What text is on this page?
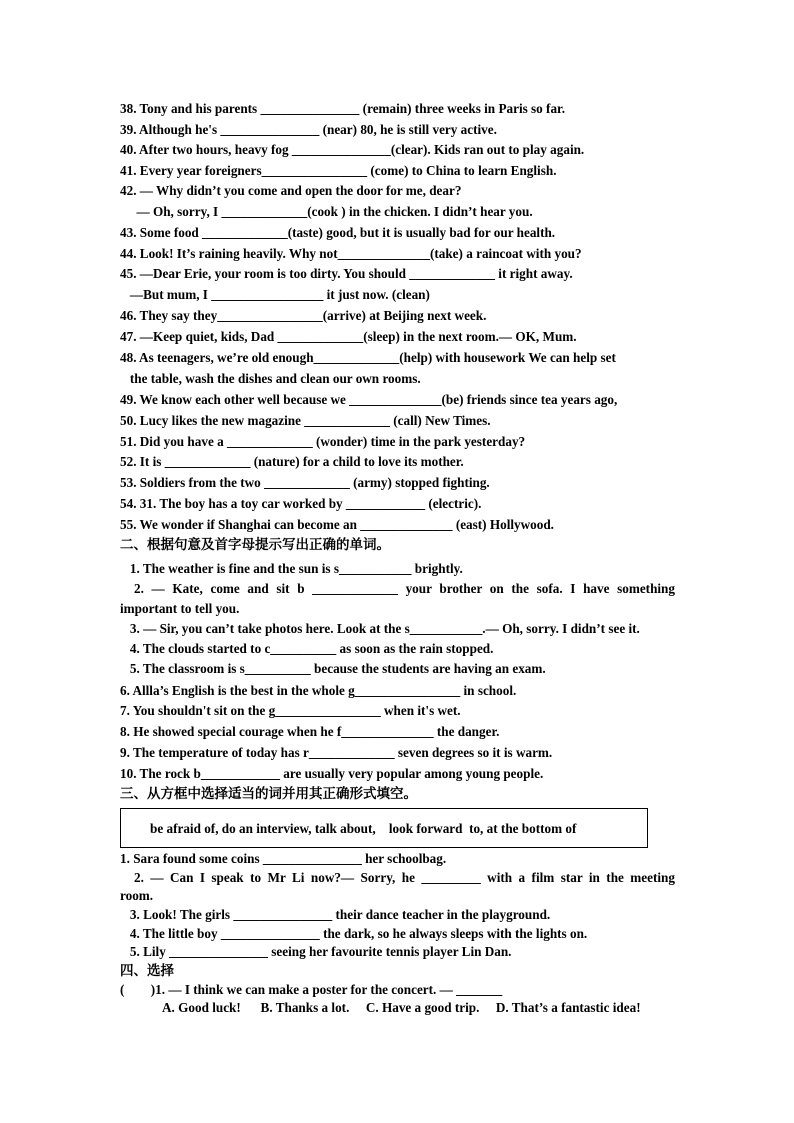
38. Tony and his parents _______________ (remain) three weeks in Paris so far.
39. Although he's _______________ (near) 80, he is still very active.
40. After two hours, heavy fog _______________(clear). Kids ran out to play again.
41. Every year foreigners________________ (come) to China to learn English.
42. — Why didn’t you come and open the door for me, dear?
— Oh, sorry, I _____________(cook ) in the chicken. I didn’t hear you.
43. Some food _____________(taste) good, but it is usually bad for our health.
44. Look! It’s raining heavily. Why not______________(take) a raincoat with you?
45. —Dear Erie, your room is too dirty. You should _____________ it right away.
—But mum, I _________________ it just now. (clean)
46. They say they________________(arrive) at Beijing next week.
47. —Keep quiet, kids, Dad _____________(sleep) in the next room.— OK, Mum.
48. As teenagers, we’re old enough_____________(help) with housework We can help set
the table, wash the dishes and clean our own rooms.
49. We know each other well because we ______________(be) friends since tea years ago,
50. Lucy likes the new magazine _____________ (call) New Times.
51. Did you have a _____________ (wonder) time in the park yesterday?
52. It is _____________ (nature) for a child to love its mother.
53. Soldiers from the two _____________ (army) stopped fighting.
54. 31. The boy has a toy car worked by ____________ (electric).
55. We wonder if Shanghai can become an ______________ (east) Hollywood.
二、根据句意及首字母提示写出正确的单词。
1. The weather is fine and the sun is s___________ brightly.
2. — Kate, come and sit b _____________ your brother on the sofa. I have something
important to tell you.
3. — Sir, you can’t take photos here. Look at the s___________.— Oh, sorry. I didn’t see it.
4. The clouds started to c__________ as soon as the rain stopped.
5. The classroom is s__________ because the students are having an exam.
6. Allla’s English is the best in the whole g________________ in school.
7. You shouldn't sit on the g________________ when it's wet.
8. He showed special courage when he f______________ the danger.
9. The temperature of today has r_____________ seven degrees so it is warm.
10. The rock b____________ are usually very popular among young people.
三、从方框中选择适当的词并用其正确形式填空。
be afraid of, do an interview, talk about,    look forward  to, at the bottom of
1. Sara found some coins _______________ her schoolbag.
2. — Can I speak to Mr Li now?— Sorry, he _________ with a film star in the meeting
room.
3. Look! The girls _______________ their dance teacher in the playground.
4. The little boy _______________ the dark, so he always sleeps with the lights on.
5. Lily _______________ seeing her favourite tennis player Lin Dan.
四、选择
(        )1. — I think we can make a poster for the concert. — _______
A. Good luck!      B. Thanks a lot.     C. Have a good trip.     D. That’s a fantastic idea!
